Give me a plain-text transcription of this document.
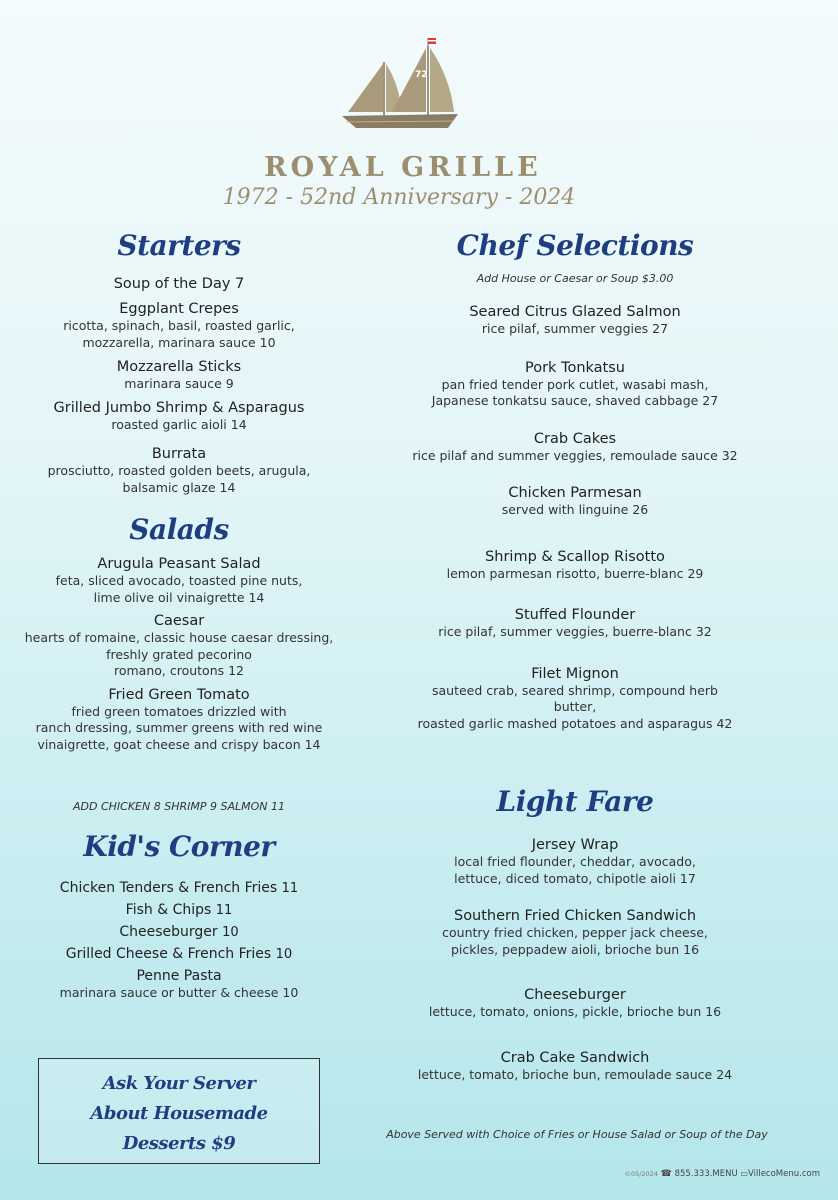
72
ROYAL GRILLE
1972 - 52nd Anniversary - 2024
Starters
Soup of the Day 7
Eggplant Crepes
ricotta, spinach, basil, roasted garlic,
mozzarella, marinara sauce 10
Mozzarella Sticks
marinara sauce 9
Grilled Jumbo Shrimp & Asparagus
roasted garlic aioli 14
Burrata
prosciutto, roasted golden beets, arugula,
balsamic glaze 14
Salads
Arugula Peasant Salad
feta, sliced avocado, toasted pine nuts,
lime olive oil vinaigrette 14
Caesar
hearts of romaine, classic house caesar dressing,
freshly grated pecorino
romano, croutons 12
Fried Green Tomato
fried green tomatoes drizzled with
ranch dressing, summer greens with red wine
vinaigrette, goat cheese and crispy bacon 14
ADD CHICKEN 8 SHRIMP 9 SALMON 11
Kid's Corner
Chicken Tenders & French Fries 11
Fish & Chips 11
Cheeseburger 10
Grilled Cheese & French Fries 10
Penne Pasta
marinara sauce or butter & cheese 10
Ask Your Server
About Housemade
Desserts $9
Chef Selections
Add House or Caesar or Soup $3.00
Seared Citrus Glazed Salmon
rice pilaf, summer veggies 27
Pork Tonkatsu
pan fried tender pork cutlet, wasabi mash,
Japanese tonkatsu sauce, shaved cabbage 27
Crab Cakes
rice pilaf and summer veggies, remoulade sauce 32
Chicken Parmesan
served with linguine 26
Shrimp & Scallop Risotto
lemon parmesan risotto, buerre-blanc 29
Stuffed Flounder
rice pilaf, summer veggies, buerre-blanc 32
Filet Mignon
sauteed crab, seared shrimp, compound herb butter,
roasted garlic mashed potatoes and asparagus 42
Light Fare
Jersey Wrap
local fried flounder, cheddar, avocado,
lettuce, diced tomato, chipotle aioli 17
Southern Fried Chicken Sandwich
country fried chicken, pepper jack cheese,
pickles, peppadew aioli, brioche bun 16
Cheeseburger
lettuce, tomato, onions, pickle, brioche bun 16
Crab Cake Sandwich
lettuce, tomato, brioche bun, remoulade sauce 24
Above Served with Choice of Fries or House Salad or Soup of the Day
©05/2024 ☎ 855.333.MENU ▭VillecoMenu.com
